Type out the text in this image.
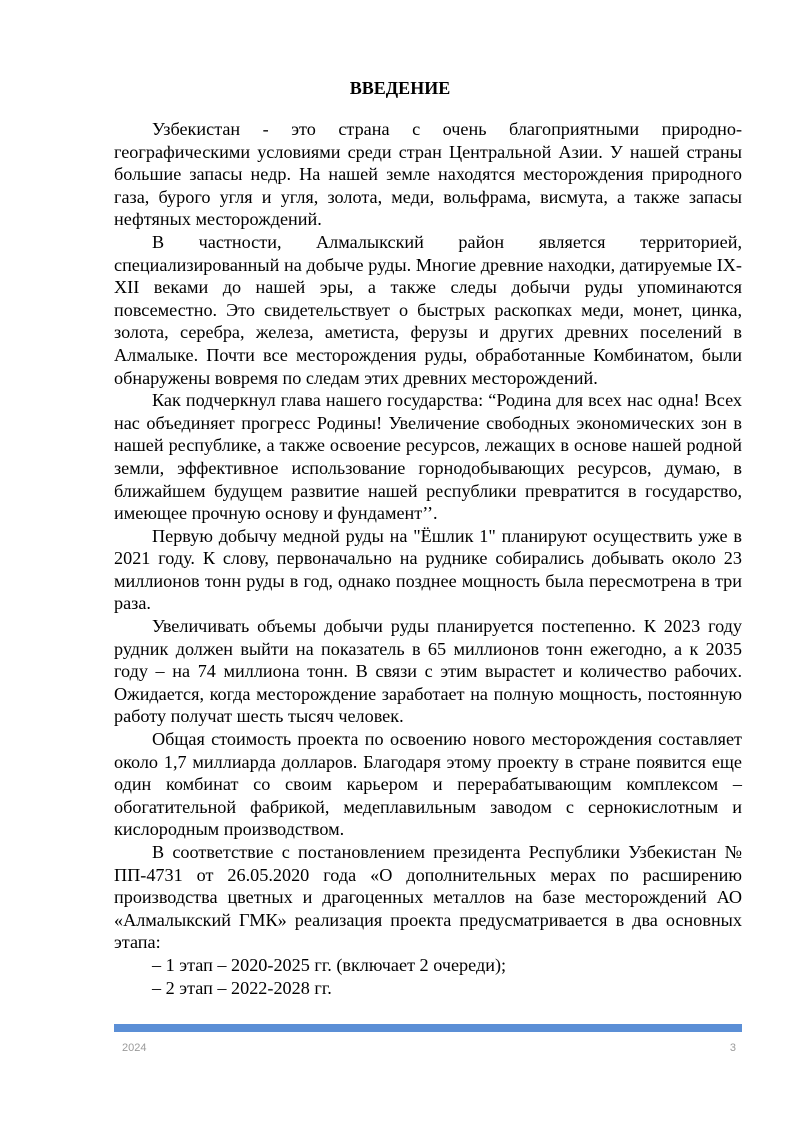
ВВЕДЕНИЕ

Узбекистан - это страна с очень благоприятными природно-географическими условиями среди стран Центральной Азии. У нашей страны большие запасы недр. На нашей земле находятся месторождения природного газа, бурого угля и угля, золота, меди, вольфрама, висмута, а также запасы нефтяных месторождений.

В частности, Алмалыкский район является территорией, специализированный на добыче руды. Многие древние находки, датируемые IX-XII веками до нашей эры, а также следы добычи руды упоминаются повсеместно. Это свидетельствует о быстрых раскопках меди, монет, цинка, золота, серебра, железа, аметиста, ферузы и других древних поселений в Алмалыке. Почти все месторождения руды, обработанные Комбинатом, были обнаружены вовремя по следам этих древних месторождений.

Как подчеркнул глава нашего государства: “Родина для всех нас одна! Всех нас объединяет прогресс Родины! Увеличение свободных экономических зон в нашей республике, а также освоение ресурсов, лежащих в основе нашей родной земли, эффективное использование горнодобывающих ресурсов, думаю, в ближайшем будущем развитие нашей республики превратится в государство, имеющее прочную основу и фундамент’’.

Первую добычу медной руды на "Ёшлик 1" планируют осуществить уже в 2021 году. К слову, первоначально на руднике собирались добывать около 23 миллионов тонн руды в год, однако позднее мощность была пересмотрена в три раза.

Увеличивать объемы добычи руды планируется постепенно. К 2023 году рудник должен выйти на показатель в 65 миллионов тонн ежегодно, а к 2035 году – на 74 миллиона тонн. В связи с этим вырастет и количество рабочих. Ожидается, когда месторождение заработает на полную мощность, постоянную работу получат шесть тысяч человек.

Общая стоимость проекта по освоению нового месторождения составляет около 1,7 миллиарда долларов. Благодаря этому проекту в стране появится еще один комбинат со своим карьером и перерабатывающим комплексом – обогатительной фабрикой, медеплавильным заводом с сернокислотным и кислородным производством.

В соответствие с постановлением президента Республики Узбекистан № ПП-4731 от 26.05.2020 года «О дополнительных мерах по расширению производства цветных и драгоценных металлов на базе месторождений АО «Алмалыкский ГМК» реализация проекта предусматривается в два основных этапа:

– 1 этап – 2020-2025 гг. (включает 2 очереди);

– 2 этап – 2022-2028 гг.

2024	3
